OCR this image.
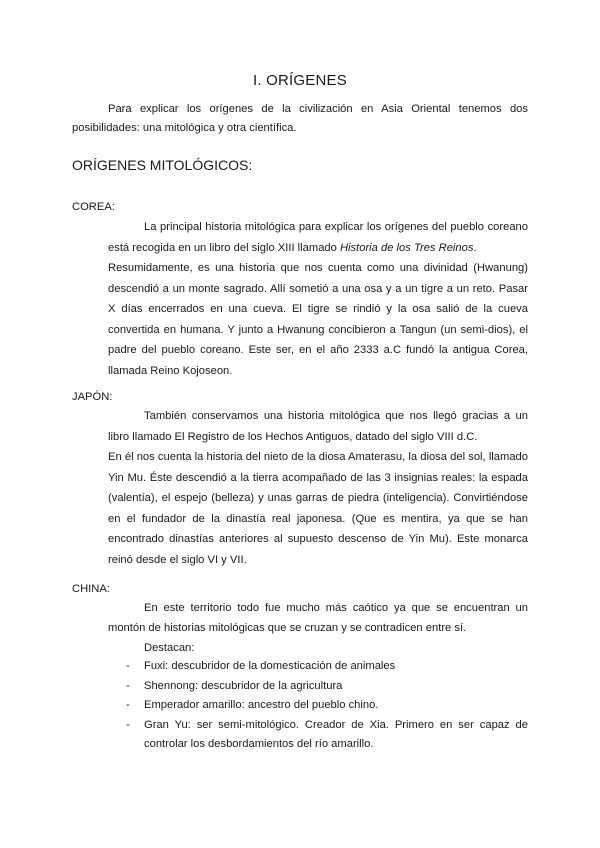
I. ORÍGENES

Para explicar los orígenes de la civilización en Asia Oriental tenemos dos posibilidades: una mitológica y otra científica.

ORÍGENES MITOLÓGICOS:
COREA:

La principal historia mitológica para explicar los orígenes del pueblo coreano está recogida en un libro del siglo XIII llamado Historia de los Tres Reinos.

Resumidamente, es una historia que nos cuenta como una divinidad (Hwanung) descendió a un monte sagrado. Allí sometió a una osa y a un tigre a un reto. Pasar X días encerrados en una cueva. El tigre se rindió y la osa salió de la cueva convertida en humana. Y junto a Hwanung concibieron a Tangun (un semi-dios), el padre del pueblo coreano. Este ser, en el año 2333 a.C fundó la antigua Corea, llamada Reino Kojoseon.

JAPÓN:

También conservamos una historia mitológica que nos llegó gracias a un libro llamado El Registro de los Hechos Antiguos, datado del siglo VIII d.C.

En él nos cuenta la historia del nieto de la diosa Amaterasu, la diosa del sol, llamado Yin Mu. Éste descendió a la tierra acompañado de las 3 insignias reales: la espada (valentía), el espejo (belleza) y unas garras de piedra (inteligencia). Convirtiéndose en el fundador de la dinastía real japonesa. (Que es mentira, ya que se han encontrado dinastías anteriores al supuesto descenso de Yin Mu). Este monarca reinó desde el siglo VI y VII.

CHINA:

En este territorio todo fue mucho más caótico ya que se encuentran un montón de historias mitológicas que se cruzan y se contradicen entre sí.

Destacan:

- Fuxi: descubridor de la domesticación de animales
- Shennong: descubridor de la agricultura
- Emperador amarillo: ancestro del pueblo chino.
- Gran Yu: ser semi-mitológico. Creador de Xia. Primero en ser capaz de controlar los desbordamientos del río amarillo.
